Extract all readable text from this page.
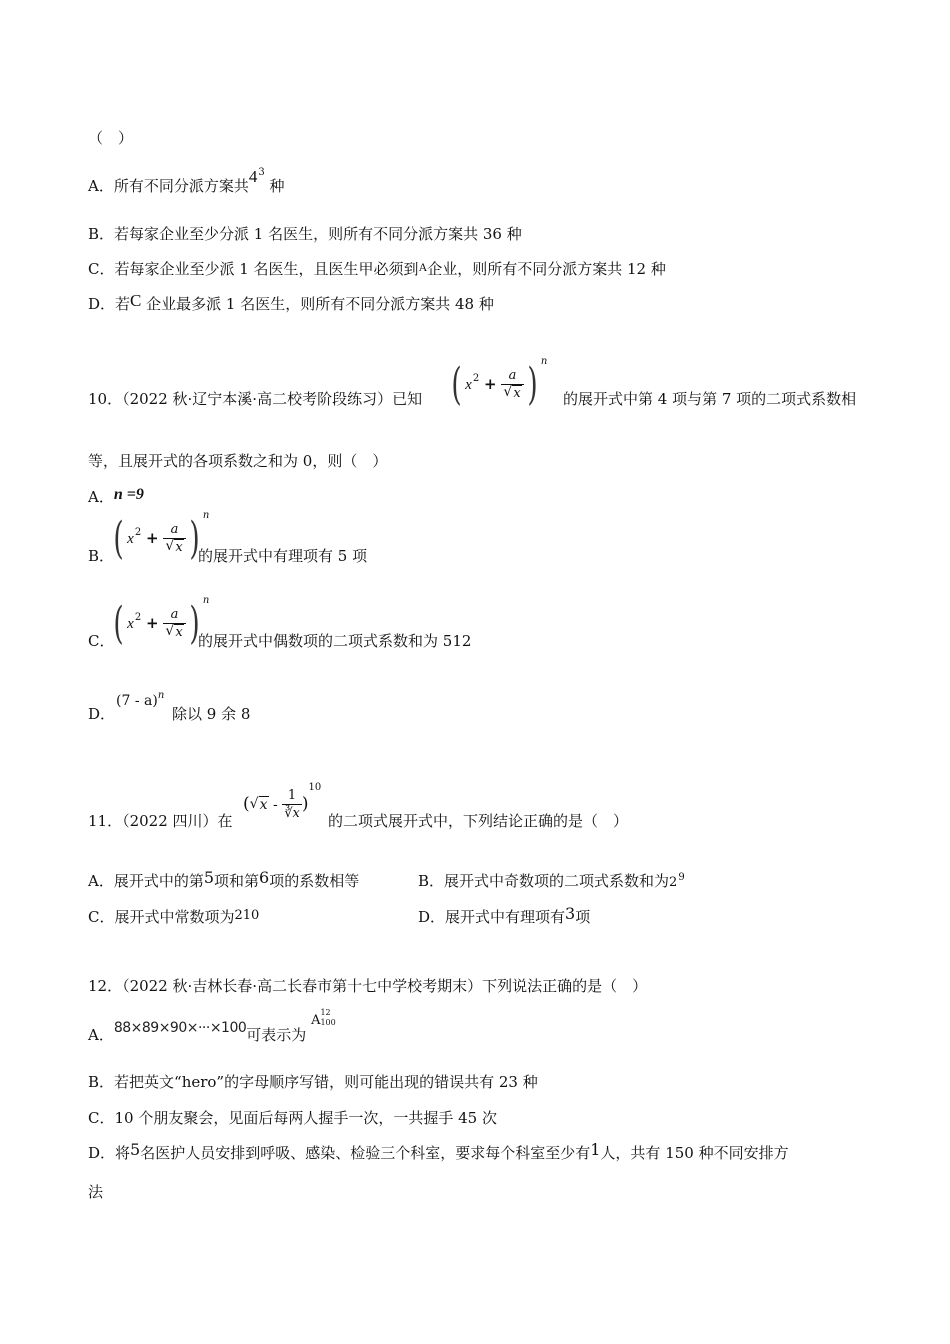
（　）
A．所有不同分派方案共$4^3$ 种
B．若每家企业至少分派 1 名医生，则所有不同分派方案共 36 种
C．若每家企业至少派 1 名医生，且医生甲必须到$^A$企业，则所有不同分派方案共 12 种
D．若C 企业最多派 1 名医生，则所有不同分派方案共 48 种
10．（2022 秋·辽宁本溪·高二校考阶段练习）已知 ( $x^2 + a$
√ x ) $^n$
的展开式中第 4 项与第 7 项的二项式系数相
等，且展开式的各项系数之和为 0，则（　）
A．n =9
B． ( $x^2 + a$
√ x ) $^n$
的展开式中有理项有 5 项
C．
( $x^2 + a$
√ x ) $^n$
的展开式中偶数项的二项式系数和为 512
D．
(7 - a)$^n$
除以 9 余 8
11．（2022 四川）在
(√ x - $\frac{1}{∛x} )^{10}$
的二项式展开式中，下列结论正确的是（　）
A．展开式中的第5项和第6项的系数相等	B．展开式中奇数项的二项式系数和为$2^9$
C．展开式中常数项为210	D．展开式中有理项有3项
12．（2022 秋·吉林长春·高二长春市第十七中学校考期末）下列说法正确的是（　）
A．88×89×90×···×100可表示为 A
12
100
B．若把英文“hero”的字母顺序写错，则可能出现的错误共有 23 种
C．10 个朋友聚会，见面后每两人握手一次，一共握手 45 次
D．将5名医护人员安排到呼吸、感染、检验三个科室，要求每个科室至少有1人，共有 150 种不同安排方
法
